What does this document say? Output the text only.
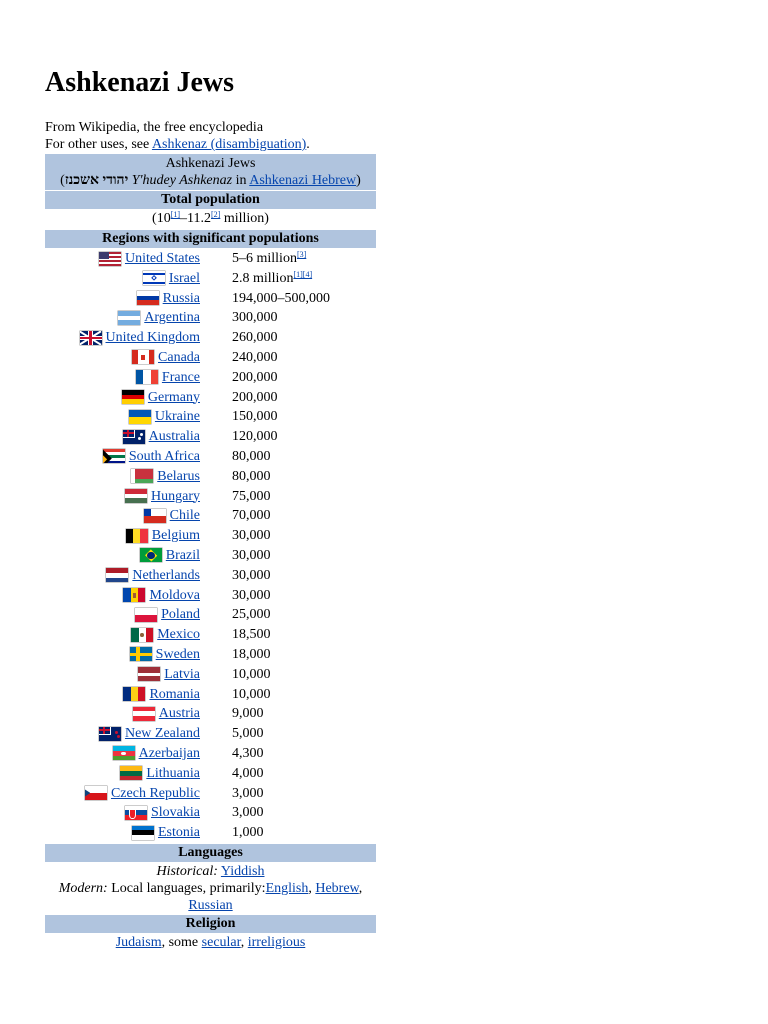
Ashkenazi Jews
From Wikipedia, the free encyclopedia
For other uses, see Ashkenaz (disambiguation).
Ashkenazi Jews
(יהודי אשכנז Y'hudey Ashkenaz in Ashkenazi Hebrew)
Total population
(10[1]–11.2[2] million)
Regions with significant populations
United States 5–6 million[3]
Israel 2.8 million[1][4]
Russia 194,000–500,000
Argentina 300,000
United Kingdom 260,000
Canada 240,000
France 200,000
Germany 200,000
Ukraine 150,000
Australia 120,000
South Africa 80,000
Belarus 80,000
Hungary 75,000
Chile 70,000
Belgium 30,000
Brazil 30,000
Netherlands 30,000
Moldova 30,000
Poland 25,000
Mexico 18,500
Sweden 18,000
Latvia 10,000
Romania 10,000
Austria 9,000
New Zealand 5,000
Azerbaijan 4,300
Lithuania 4,000
Czech Republic 3,000
Slovakia 3,000
Estonia 1,000
Languages
Historical: Yiddish
Modern: Local languages, primarily:English, Hebrew,
Russian
Religion
Judaism, some secular, irreligious
